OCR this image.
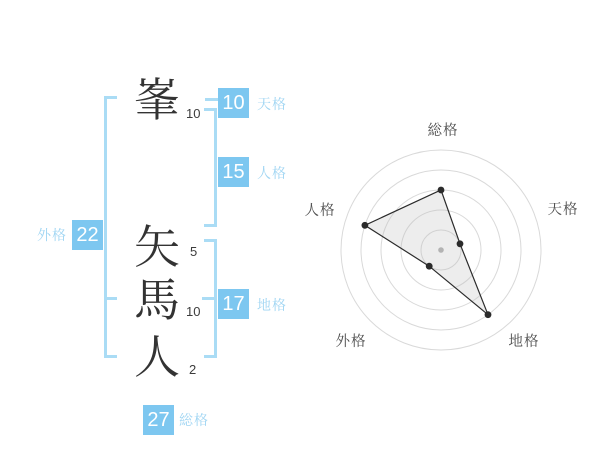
峯
矢
馬
人
10
5
10
2
10 天格
15 人格
17 地格
外格 22
27 総格
総格
天格
地格
外格
人格
